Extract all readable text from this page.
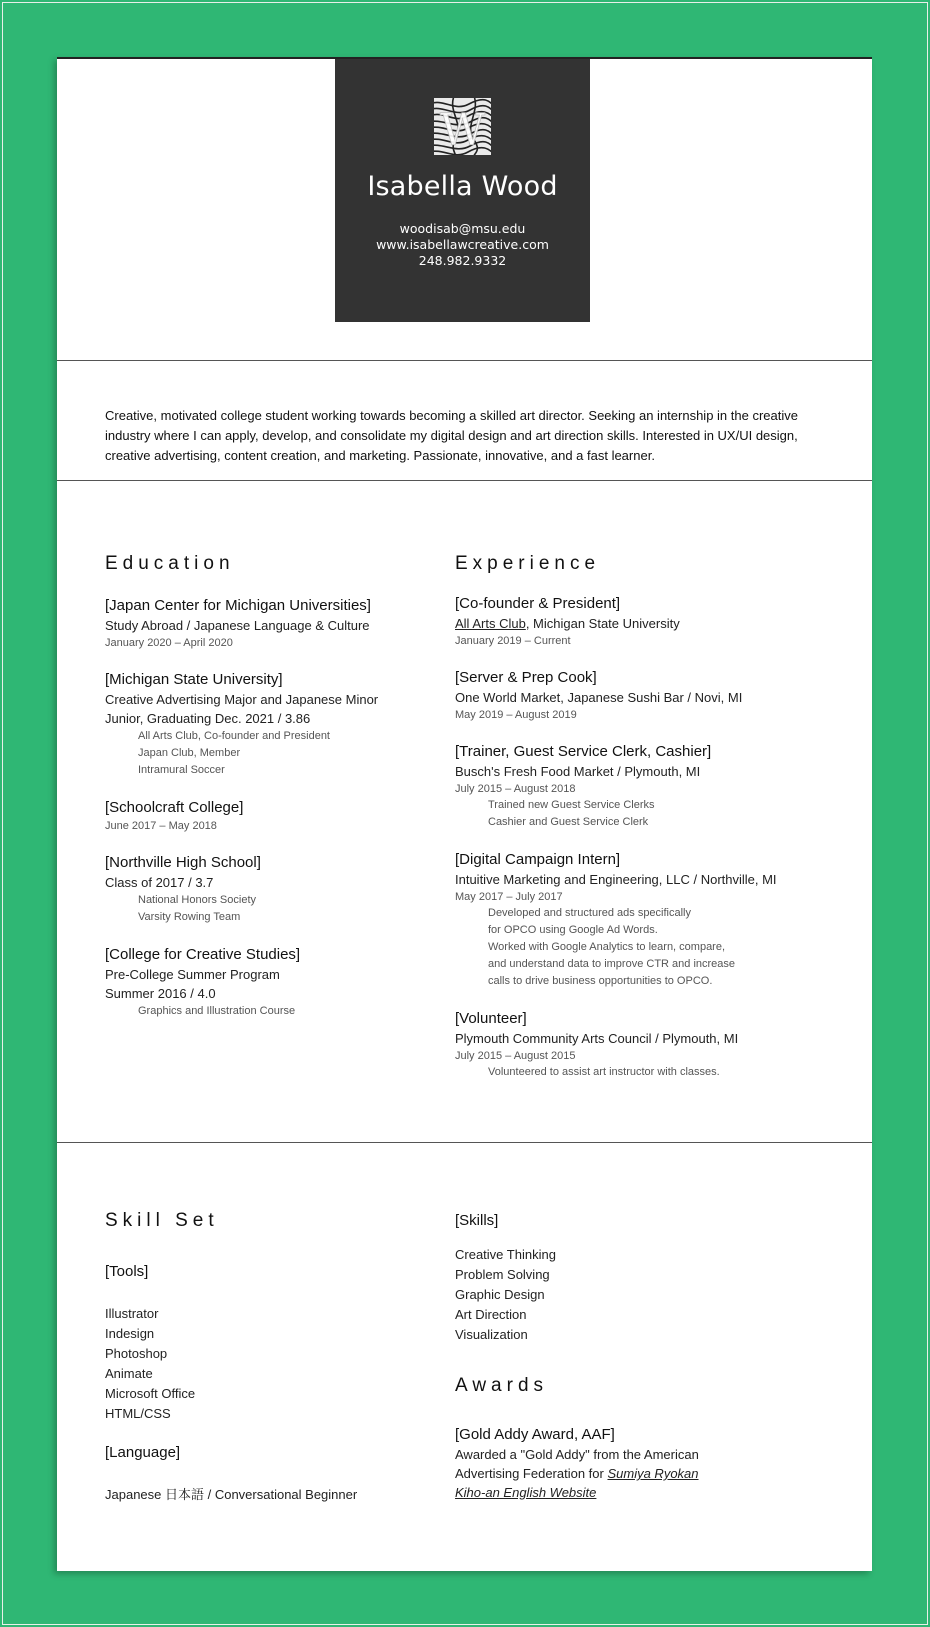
W
Isabella Wood
woodisab@msu.edu
www.isabellawcreative.com
248.982.9332
Creative, motivated college student working towards becoming a skilled art director. Seeking an internship in the creative industry where I can apply, develop, and consolidate my digital design and art direction skills. Interested in UX/UI design, creative advertising, content creation, and marketing. Passionate, innovative, and a fast learner.
Education
[Japan Center for Michigan Universities]
Study Abroad / Japanese Language & Culture
January 2020 – April 2020
[Michigan State University]
Creative Advertising Major and Japanese Minor
Junior, Graduating Dec. 2021 / 3.86
All Arts Club, Co-founder and President
Japan Club, Member
Intramural Soccer
[Schoolcraft College]
June 2017 – May 2018
[Northville High School]
Class of 2017 / 3.7
National Honors Society
Varsity Rowing Team
[College for Creative Studies]
Pre-College Summer Program
Summer 2016 / 4.0
Graphics and Illustration Course
Experience
[Co-founder & President]
All Arts Club, Michigan State University
January 2019 – Current
[Server & Prep Cook]
One World Market, Japanese Sushi Bar / Novi, MI
May 2019 – August 2019
[Trainer, Guest Service Clerk, Cashier]
Busch's Fresh Food Market / Plymouth, MI
July 2015 – August 2018
Trained new Guest Service Clerks
Cashier and Guest Service Clerk
[Digital Campaign Intern]
Intuitive Marketing and Engineering, LLC / Northville, MI
May 2017 – July 2017
Developed and structured ads specifically
for OPCO using Google Ad Words.
Worked with Google Analytics to learn, compare,
and understand data to improve CTR and increase
calls to drive business opportunities to OPCO.
[Volunteer]
Plymouth Community Arts Council / Plymouth, MI
July 2015 – August 2015
Volunteered to assist art instructor with classes.
Skill Set
[Tools]
Illustrator
Indesign
Photoshop
Animate
Microsoft Office
HTML/CSS
[Language]
Japanese 日本語 / Conversational Beginner
[Skills]
Creative Thinking
Problem Solving
Graphic Design
Art Direction
Visualization
Awards
[Gold Addy Award, AAF]
Awarded a "Gold Addy" from the American
Advertising Federation for Sumiya Ryokan
Kiho-an English Website
